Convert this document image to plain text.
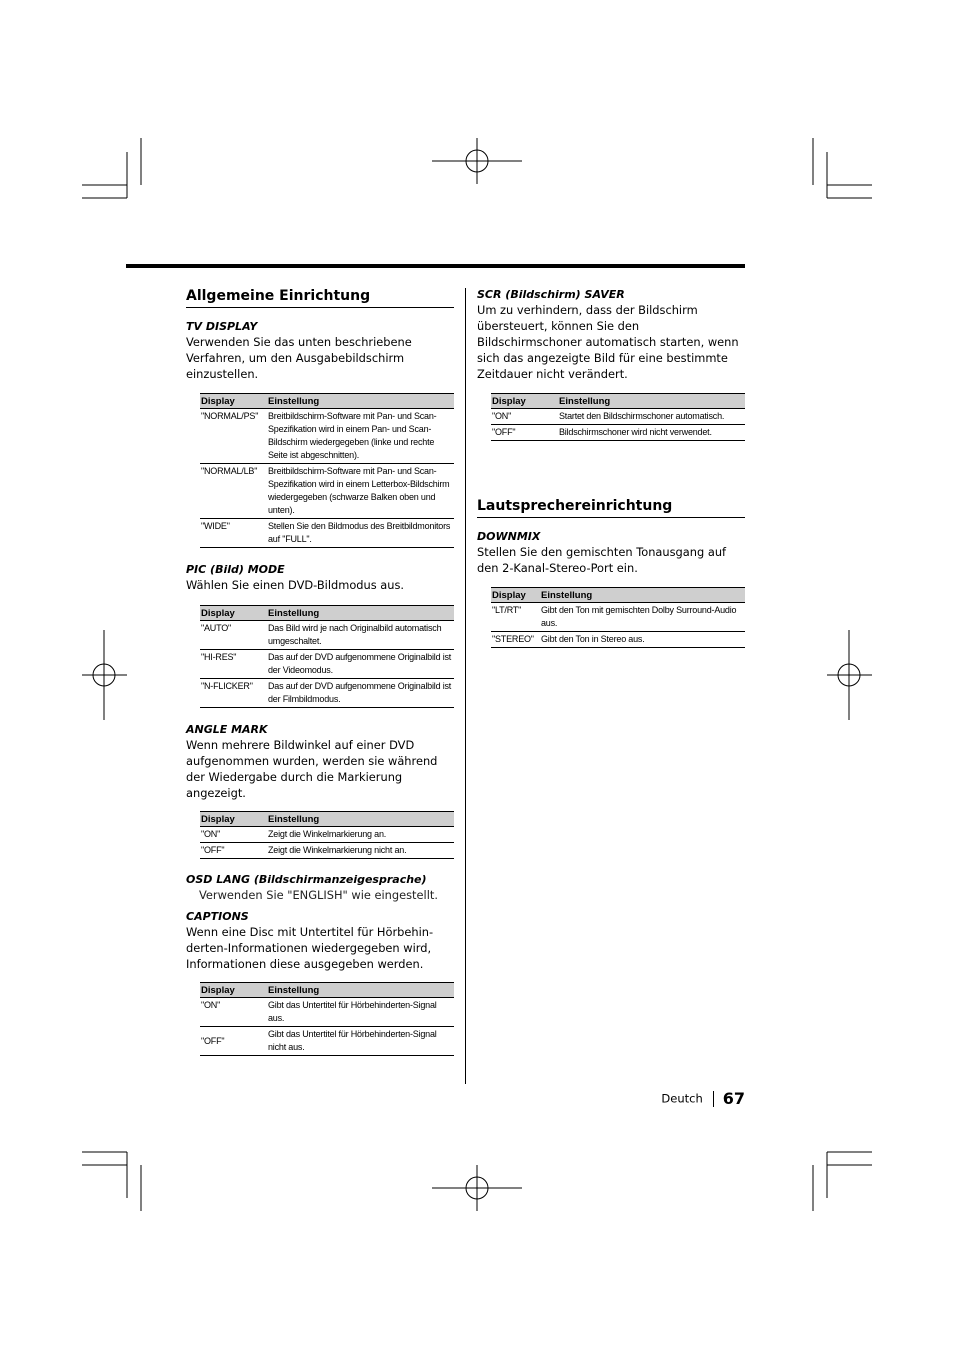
Allgemeine Einrichtung
TV DISPLAY

Verwenden Sie das unten beschriebene Verfahren, um den Ausgabebildschirm einzustellen.

Display	Einstellung
"NORMAL/PS"	Breitbildschirm-Software mit Pan- und Scan-Spezifikation wird in einem Pan- und Scan-Bildschirm wiedergegeben (linke und rechte Seite ist abgeschnitten).
"NORMAL/LB"	Breitbildschirm-Software mit Pan- und Scan-Spezifikation wird in einem Letterbox-Bildschirm wiedergegeben (schwarze Balken oben und unten).
"WIDE"	Stellen Sie den Bildmodus des Breitbildmonitors auf "FULL".
PIC (Bild) MODE

Wählen Sie einen DVD-Bildmodus aus.

Display	Einstellung
"AUTO"	Das Bild wird je nach Originalbild automatisch umgeschaltet.
"HI-RES"	Das auf der DVD aufgenommene Originalbild ist der Videomodus.
"N-FLICKER"	Das auf der DVD aufgenommene Originalbild ist der Filmbildmodus.
ANGLE MARK

Wenn mehrere Bildwinkel auf einer DVD aufgenommen wurden, werden sie während der Wiedergabe durch die Markierung angezeigt.

Display	Einstellung
"ON"	Zeigt die Winkelmarkierung an.
"OFF"	Zeigt die Winkelmarkierung nicht an.
OSD LANG (Bildschirmanzeigesprache)

Verwenden Sie "ENGLISH" wie eingestellt.

CAPTIONS

Wenn eine Disc mit Untertitel für Hörbehin-derten-Informationen wiedergegeben wird, Informationen diese ausgegeben werden.

Display	Einstellung
"ON"	Gibt das Untertitel für Hörbehinderten-Signal aus.
"OFF"	Gibt das Untertitel für Hörbehinderten-Signal nicht aus.
SCR (Bildschirm) SAVER

Um zu verhindern, dass der Bildschirm übersteuert, können Sie den Bildschirmschoner automatisch starten, wenn sich das angezeigte Bild für eine bestimmte Zeitdauer nicht verändert.

Display	Einstellung
"ON"	Startet den Bildschirmschoner automatisch.
"OFF"	Bildschirmschoner wird nicht verwendet.
Lautsprechereinrichtung
DOWNMIX

Stellen Sie den gemischten Tonausgang auf den 2-Kanal-Stereo-Port ein.

Display	Einstellung
"LT/RT"	Gibt den Ton mit gemischten Dolby Surround-Audio aus.
"STEREO"	Gibt den Ton in Stereo aus.
Deutch 67
